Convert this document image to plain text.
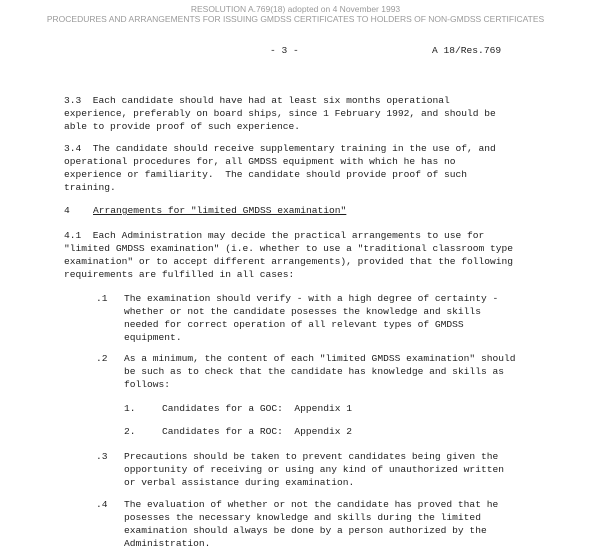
RESOLUTION A.769(18) adopted on 4 November 1993
PROCEDURES AND ARRANGEMENTS FOR ISSUING GMDSS CERTIFICATES TO HOLDERS OF NON-GMDSS CERTIFICATES
- 3 -	A 18/Res.769
3.3  Each candidate should have had at least six months operational
experience, preferably on board ships, since 1 February 1992, and should be
able to provide proof of such experience.
3.4  The candidate should receive supplementary training in the use of, and
operational procedures for, all GMDSS equipment with which he has no
experience or familiarity.  The candidate should provide proof of such
training.
4 Arrangements for "limited GMDSS examination"
4.1  Each Administration may decide the practical arrangements to use for
"limited GMDSS examination" (i.e. whether to use a "traditional classroom type
examination" or to accept different arrangements), provided that the following
requirements are fulfilled in all cases:
.1 The examination should verify - with a high degree of certainty -
whether or not the candidate posesses the knowledge and skills
needed for correct operation of all relevant types of GMDSS
equipment.
.2 As a minimum, the content of each "limited GMDSS examination" should
be such as to check that the candidate has knowledge and skills as
follows:
1.	Candidates for a GOC:  Appendix 1
2.	Candidates for a ROC:  Appendix 2
.3 Precautions should be taken to prevent candidates being given the
opportunity of receiving or using any kind of unauthorized written
or verbal assistance during examination.
.4 The evaluation of whether or not the candidate has proved that he
posesses the necessary knowledge and skills during the limited
examination should always be done by a person authorized by the
Administration.
